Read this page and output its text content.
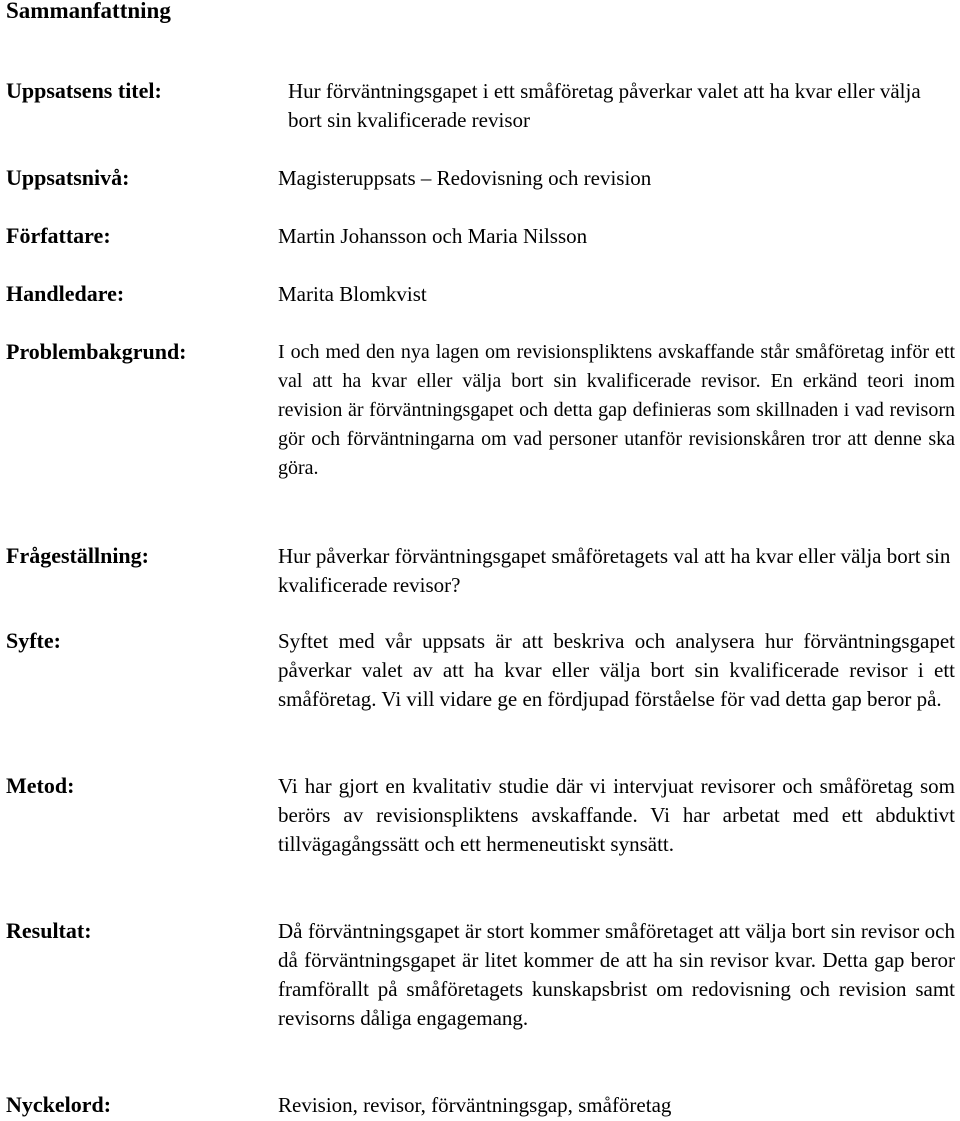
Sammanfattning
Uppsatsens titel:	Hur förväntningsgapet i ett småföretag påverkar valet att ha kvar eller välja bort sin kvalificerade revisor
Uppsatsnivå:	Magisteruppsats – Redovisning och revision
Författare:	Martin Johansson och Maria Nilsson
Handledare:	Marita Blomkvist
Problembakgrund:	I och med den nya lagen om revisionspliktens avskaffande står småföretag inför ett val att ha kvar eller välja bort sin kvalificerade revisor. En erkänd teori inom revision är förväntningsgapet och detta gap definieras som skillnaden i vad revisorn gör och förväntningarna om vad personer utanför revisionskåren tror att denne ska göra.
Frågeställning:	Hur påverkar förväntningsgapet småföretagets val att ha kvar eller välja bort sin kvalificerade revisor?
Syfte:	Syftet med vår uppsats är att beskriva och analysera hur förväntningsgapet påverkar valet av att ha kvar eller välja bort sin kvalificerade revisor i ett småföretag. Vi vill vidare ge en fördjupad förståelse för vad detta gap beror på.
Metod:	Vi har gjort en kvalitativ studie där vi intervjuat revisorer och småföretag som berörs av revisionspliktens avskaffande. Vi har arbetat med ett abduktivt tillvägagångssätt och ett hermeneutiskt synsätt.
Resultat:	Då förväntningsgapet är stort kommer småföretaget att välja bort sin revisor och då förväntningsgapet är litet kommer de att ha sin revisor kvar. Detta gap beror framförallt på småföretagets kunskapsbrist om redovisning och revision samt revisorns dåliga engagemang.
Nyckelord:	Revision, revisor, förväntningsgap, småföretag
